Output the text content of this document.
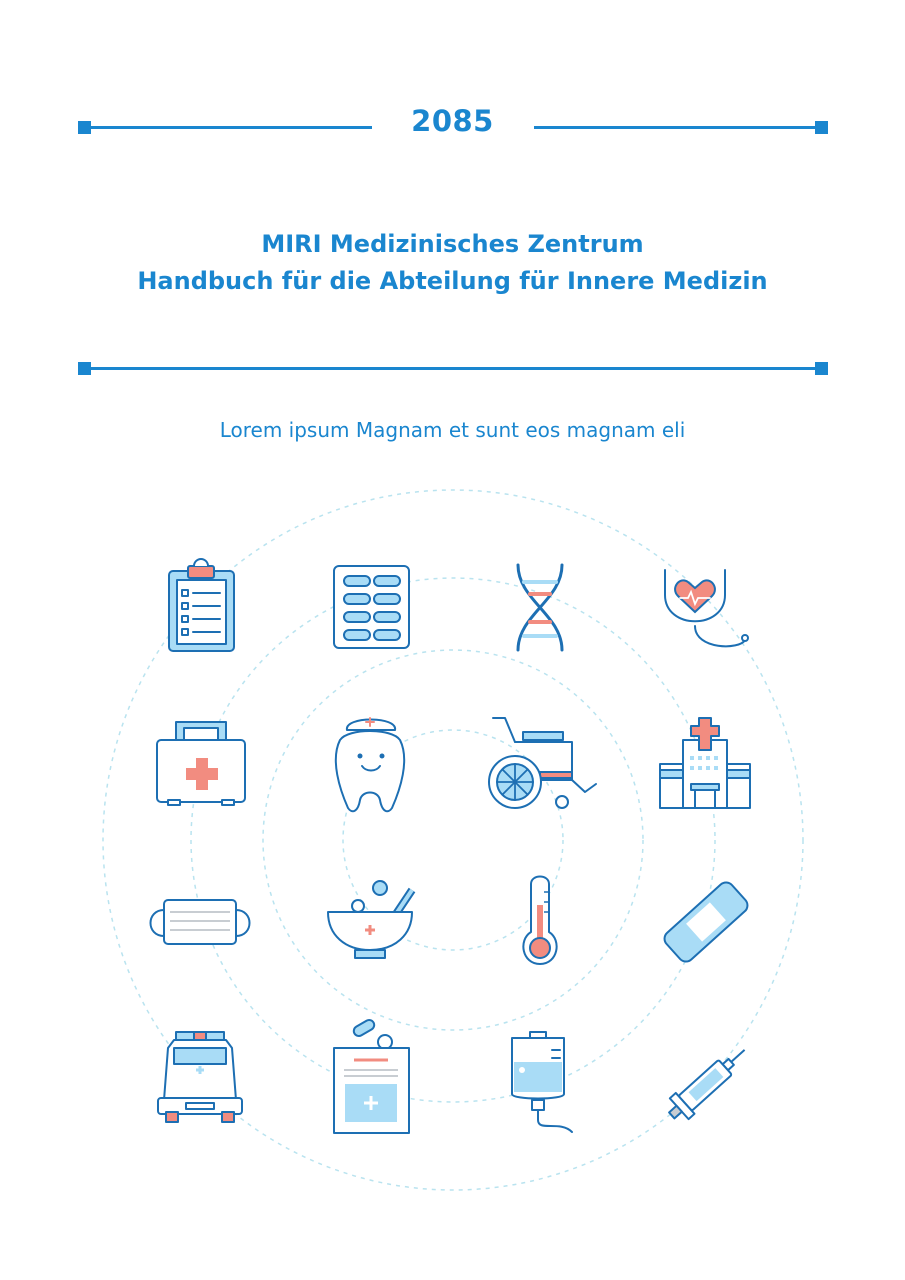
2085
MIRI Medizinisches Zentrum
Handbuch für die Abteilung für Innere Medizin
Lorem ipsum Magnam et sunt eos magnam eli
